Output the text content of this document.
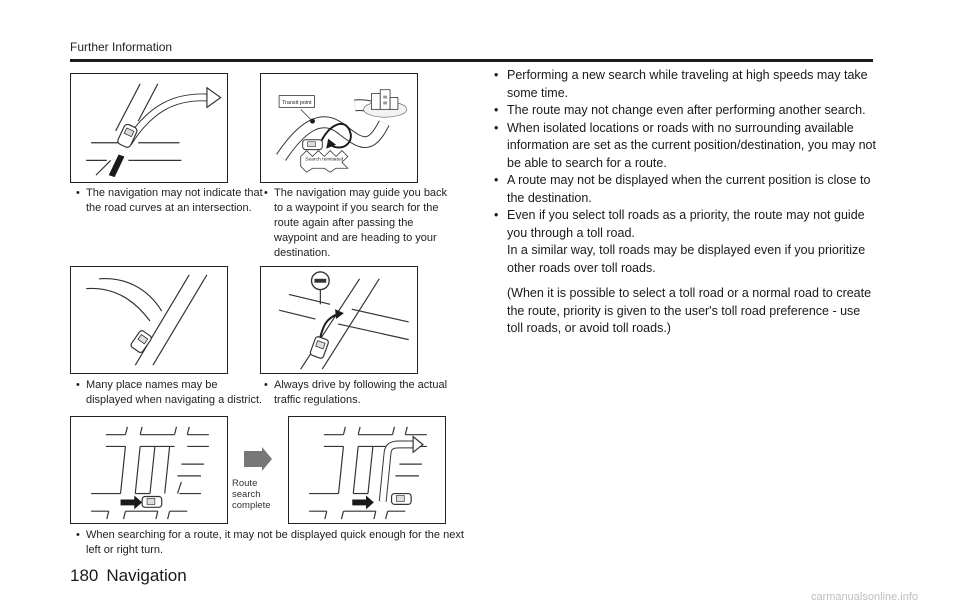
Further Information
• The navigation may not indicate that the road curves at an intersection.
Transit point
Search reinitiated
• The navigation may guide you back to a waypoint if you search for the route again after passing the waypoint and are heading to your destination.
• Many place names may be displayed when navigating a district.
• Always drive by following the actual traffic regulations.
Route
search
complete
• When searching for a route, it may not be displayed quick enough for the next left or right turn.
• Performing a new search while traveling at high speeds may take some time.
• The route may not change even after performing another search.
• When isolated locations or roads with no surrounding available information are set as the current position/destination, you may not be able to search for a route.
• A route may not be displayed when the current position is close to the destination.
• Even if you select toll roads as a priority, the route may not guide you through a toll road.
In a similar way, toll roads may be displayed even if you prioritize other roads over toll roads.
(When it is possible to select a toll road or a normal road to create the route, priority is given to the user's toll road preference - use toll roads, or avoid toll roads.)
180 Navigation
carmanualsonline.info
